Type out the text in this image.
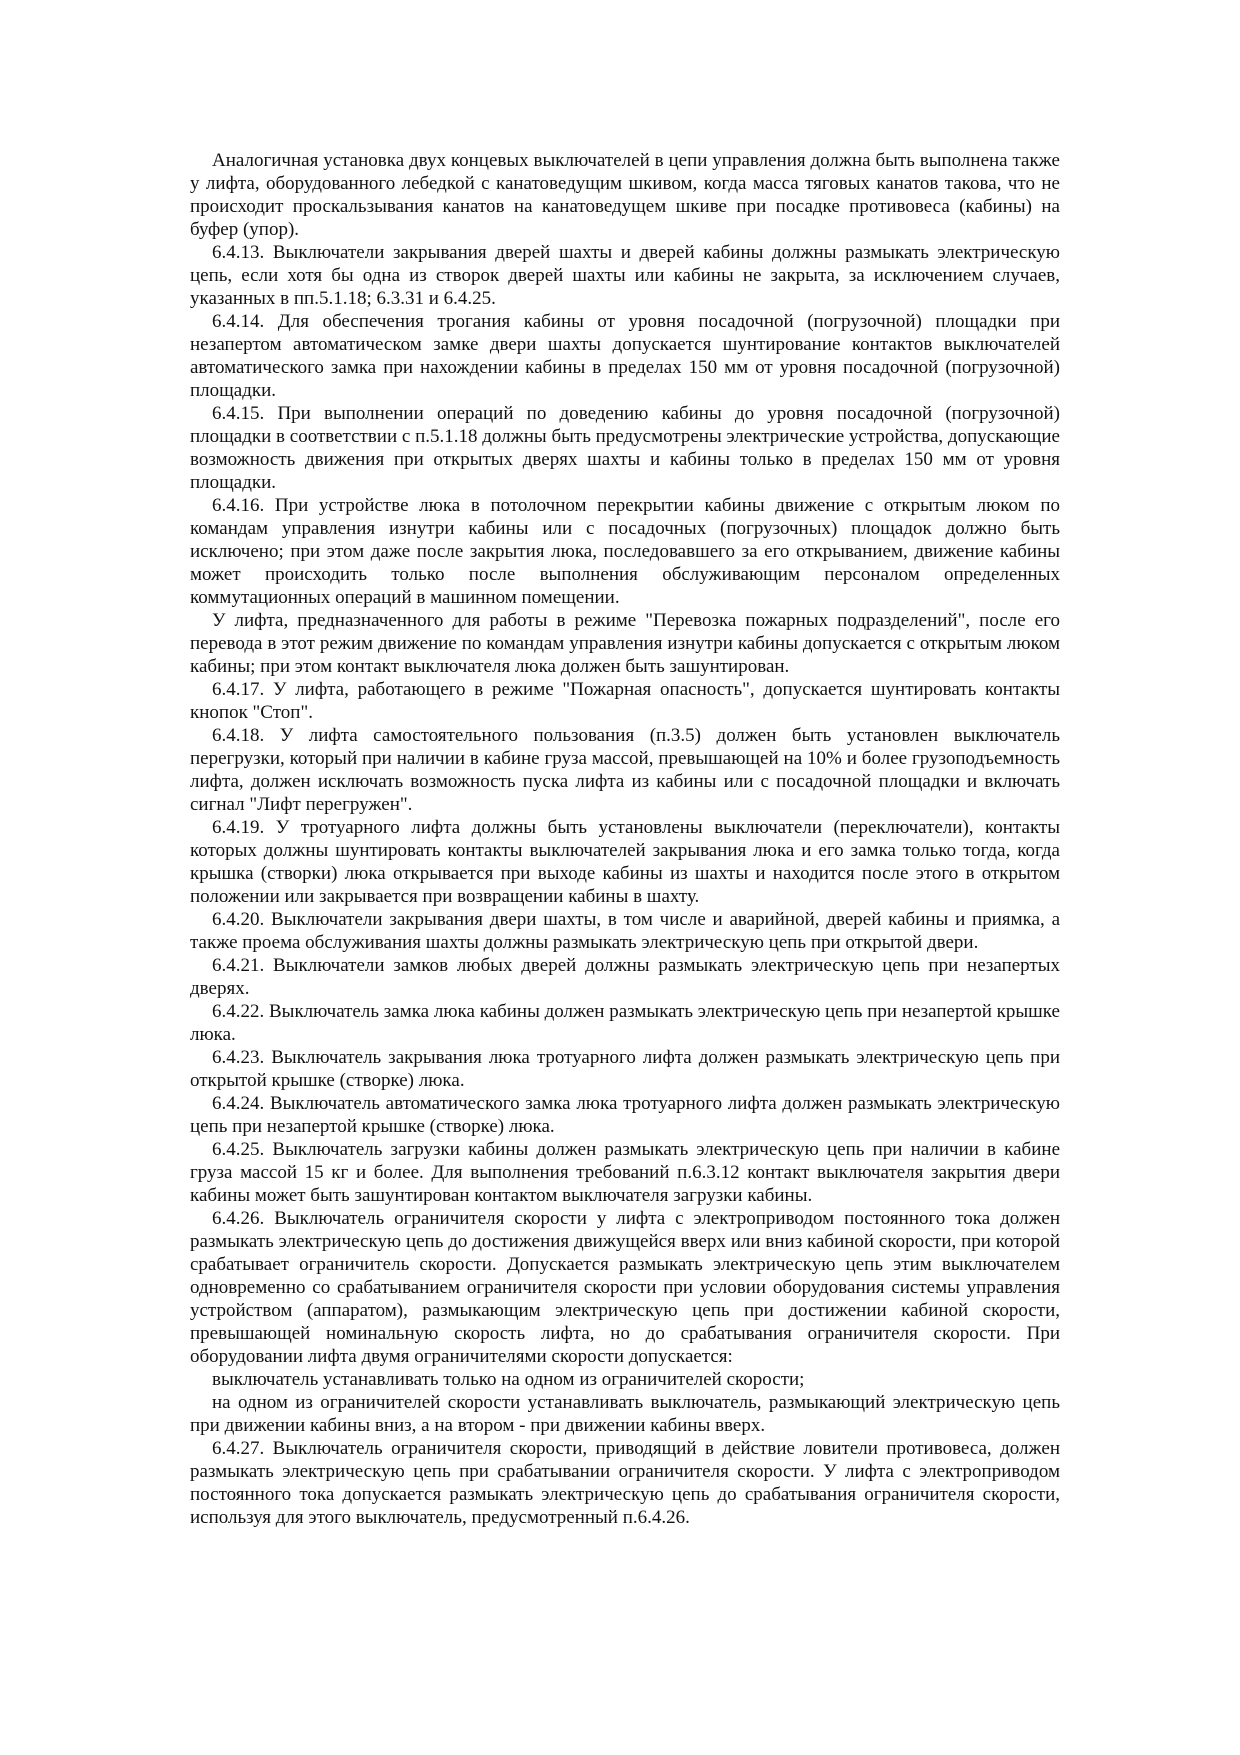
Аналогичная установка двух концевых выключателей в цепи управления должна быть выполнена также у лифта, оборудованного лебедкой с канатоведущим шкивом, когда масса тяговых канатов такова, что не происходит проскальзывания канатов на канатоведущем шкиве при посадке противовеса (кабины) на буфер (упор).

6.4.13. Выключатели закрывания дверей шахты и дверей кабины должны размыкать электрическую цепь, если хотя бы одна из створок дверей шахты или кабины не закрыта, за исключением случаев, указанных в пп.5.1.18; 6.3.31 и 6.4.25.

6.4.14. Для обеспечения трогания кабины от уровня посадочной (погрузочной) площадки при незапертом автоматическом замке двери шахты допускается шунтирование контактов выключателей автоматического замка при нахождении кабины в пределах 150 мм от уровня посадочной (погрузочной) площадки.

6.4.15. При выполнении операций по доведению кабины до уровня посадочной (погрузочной) площадки в соответствии с п.5.1.18 должны быть предусмотрены электрические устройства, допускающие возможность движения при открытых дверях шахты и кабины только в пределах 150 мм от уровня площадки.

6.4.16. При устройстве люка в потолочном перекрытии кабины движение с открытым люком по командам управления изнутри кабины или с посадочных (погрузочных) площадок должно быть исключено; при этом даже после закрытия люка, последовавшего за его открыванием, движение кабины может происходить только после выполнения обслуживающим персоналом определенных коммутационных операций в машинном помещении.

У лифта, предназначенного для работы в режиме "Перевозка пожарных подразделений", после его перевода в этот режим движение по командам управления изнутри кабины допускается с открытым люком кабины; при этом контакт выключателя люка должен быть зашунтирован.

6.4.17. У лифта, работающего в режиме "Пожарная опасность", допускается шунтировать контакты кнопок "Стоп".

6.4.18. У лифта самостоятельного пользования (п.3.5) должен быть установлен выключатель перегрузки, который при наличии в кабине груза массой, превышающей на 10% и более грузоподъемность лифта, должен исключать возможность пуска лифта из кабины или с посадочной площадки и включать сигнал "Лифт перегружен".

6.4.19. У тротуарного лифта должны быть установлены выключатели (переключатели), контакты которых должны шунтировать контакты выключателей закрывания люка и его замка только тогда, когда крышка (створки) люка открывается при выходе кабины из шахты и находится после этого в открытом положении или закрывается при возвращении кабины в шахту.

6.4.20. Выключатели закрывания двери шахты, в том числе и аварийной, дверей кабины и приямка, а также проема обслуживания шахты должны размыкать электрическую цепь при открытой двери.

6.4.21. Выключатели замков любых дверей должны размыкать электрическую цепь при незапертых дверях.

6.4.22. Выключатель замка люка кабины должен размыкать электрическую цепь при незапертой крышке люка.

6.4.23. Выключатель закрывания люка тротуарного лифта должен размыкать электрическую цепь при открытой крышке (створке) люка.

6.4.24. Выключатель автоматического замка люка тротуарного лифта должен размыкать электрическую цепь при незапертой крышке (створке) люка.

6.4.25. Выключатель загрузки кабины должен размыкать электрическую цепь при наличии в кабине груза массой 15 кг и более. Для выполнения требований п.6.3.12 контакт выключателя закрытия двери кабины может быть зашунтирован контактом выключателя загрузки кабины.

6.4.26. Выключатель ограничителя скорости у лифта с электроприводом постоянного тока должен размыкать электрическую цепь до достижения движущейся вверх или вниз кабиной скорости, при которой срабатывает ограничитель скорости. Допускается размыкать электрическую цепь этим выключателем одновременно со срабатыванием ограничителя скорости при условии оборудования системы управления устройством (аппаратом), размыкающим электрическую цепь при достижении кабиной скорости, превышающей номинальную скорость лифта, но до срабатывания ограничителя скорости. При оборудовании лифта двумя ограничителями скорости допускается:

выключатель устанавливать только на одном из ограничителей скорости;

на одном из ограничителей скорости устанавливать выключатель, размыкающий электрическую цепь при движении кабины вниз, а на втором - при движении кабины вверх.

6.4.27. Выключатель ограничителя скорости, приводящий в действие ловители противовеса, должен размыкать электрическую цепь при срабатывании ограничителя скорости. У лифта с электроприводом постоянного тока допускается размыкать электрическую цепь до срабатывания ограничителя скорости, используя для этого выключатель, предусмотренный п.6.4.26.
